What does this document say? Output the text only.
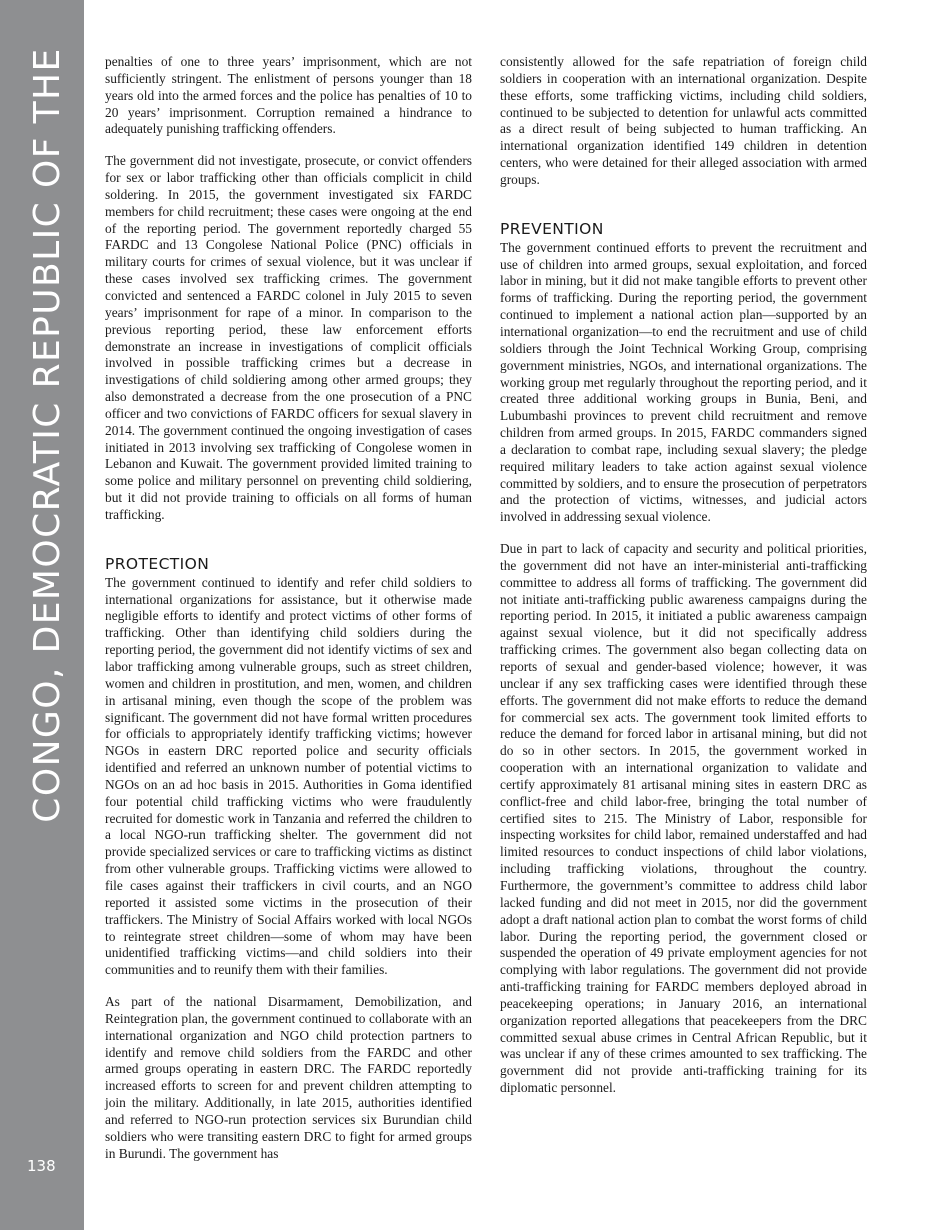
CONGO, DEMOCRATIC REPUBLIC OF THE
138

penalties of one to three years’ imprisonment, which are not sufficiently stringent. The enlistment of persons younger than 18 years old into the armed forces and the police has penalties of 10 to 20 years’ imprisonment. Corruption remained a hindrance to adequately punishing trafficking offenders.

The government did not investigate, prosecute, or convict offenders for sex or labor trafficking other than officials complicit in child soldering. In 2015, the government investigated six FARDC members for child recruitment; these cases were ongoing at the end of the reporting period. The government reportedly charged 55 FARDC and 13 Congolese National Police (PNC) officials in military courts for crimes of sexual violence, but it was unclear if these cases involved sex trafficking crimes. The government convicted and sentenced a FARDC colonel in July 2015 to seven years’ imprisonment for rape of a minor. In comparison to the previous reporting period, these law enforcement efforts demonstrate an increase in investigations of complicit officials involved in possible trafficking crimes but a decrease in investigations of child soldiering among other armed groups; they also demonstrated a decrease from the one prosecution of a PNC officer and two convictions of FARDC officers for sexual slavery in 2014. The government continued the ongoing investigation of cases initiated in 2013 involving sex trafficking of Congolese women in Lebanon and Kuwait. The government provided limited training to some police and military personnel on preventing child soldiering, but it did not provide training to officials on all forms of human trafficking.

PROTECTION

The government continued to identify and refer child soldiers to international organizations for assistance, but it otherwise made negligible efforts to identify and protect victims of other forms of trafficking. Other than identifying child soldiers during the reporting period, the government did not identify victims of sex and labor trafficking among vulnerable groups, such as street children, women and children in prostitution, and men, women, and children in artisanal mining, even though the scope of the problem was significant. The government did not have formal written procedures for officials to appropriately identify trafficking victims; however NGOs in eastern DRC reported police and security officials identified and referred an unknown number of potential victims to NGOs on an ad hoc basis in 2015. Authorities in Goma identified four potential child trafficking victims who were fraudulently recruited for domestic work in Tanzania and referred the children to a local NGO-run trafficking shelter. The government did not provide specialized services or care to trafficking victims as distinct from other vulnerable groups. Trafficking victims were allowed to file cases against their traffickers in civil courts, and an NGO reported it assisted some victims in the prosecution of their traffickers. The Ministry of Social Affairs worked with local NGOs to reintegrate street children—some of whom may have been unidentified trafficking victims—and child soldiers into their communities and to reunify them with their families.

As part of the national Disarmament, Demobilization, and Reintegration plan, the government continued to collaborate with an international organization and NGO child protection partners to identify and remove child soldiers from the FARDC and other armed groups operating in eastern DRC. The FARDC reportedly increased efforts to screen for and prevent children attempting to join the military. Additionally, in late 2015, authorities identified and referred to NGO-run protection services six Burundian child soldiers who were transiting eastern DRC to fight for armed groups in Burundi. The government has

consistently allowed for the safe repatriation of foreign child soldiers in cooperation with an international organization. Despite these efforts, some trafficking victims, including child soldiers, continued to be subjected to detention for unlawful acts committed as a direct result of being subjected to human trafficking. An international organization identified 149 children in detention centers, who were detained for their alleged association with armed groups.

PREVENTION

The government continued efforts to prevent the recruitment and use of children into armed groups, sexual exploitation, and forced labor in mining, but it did not make tangible efforts to prevent other forms of trafficking. During the reporting period, the government continued to implement a national action plan—supported by an international organization—to end the recruitment and use of child soldiers through the Joint Technical Working Group, comprising government ministries, NGOs, and international organizations. The working group met regularly throughout the reporting period, and it created three additional working groups in Bunia, Beni, and Lubumbashi provinces to prevent child recruitment and remove children from armed groups. In 2015, FARDC commanders signed a declaration to combat rape, including sexual slavery; the pledge required military leaders to take action against sexual violence committed by soldiers, and to ensure the prosecution of perpetrators and the protection of victims, witnesses, and judicial actors involved in addressing sexual violence.

Due in part to lack of capacity and security and political priorities, the government did not have an inter-ministerial anti-trafficking committee to address all forms of trafficking. The government did not initiate anti-trafficking public awareness campaigns during the reporting period. In 2015, it initiated a public awareness campaign against sexual violence, but it did not specifically address trafficking crimes. The government also began collecting data on reports of sexual and gender-based violence; however, it was unclear if any sex trafficking cases were identified through these efforts. The government did not make efforts to reduce the demand for commercial sex acts. The government took limited efforts to reduce the demand for forced labor in artisanal mining, but did not do so in other sectors. In 2015, the government worked in cooperation with an international organization to validate and certify approximately 81 artisanal mining sites in eastern DRC as conflict-free and child labor-free, bringing the total number of certified sites to 215. The Ministry of Labor, responsible for inspecting worksites for child labor, remained understaffed and had limited resources to conduct inspections of child labor violations, including trafficking violations, throughout the country. Furthermore, the government’s committee to address child labor lacked funding and did not meet in 2015, nor did the government adopt a draft national action plan to combat the worst forms of child labor. During the reporting period, the government closed or suspended the operation of 49 private employment agencies for not complying with labor regulations. The government did not provide anti-trafficking training for FARDC members deployed abroad in peacekeeping operations; in January 2016, an international organization reported allegations that peacekeepers from the DRC committed sexual abuse crimes in Central African Republic, but it was unclear if any of these crimes amounted to sex trafficking. The government did not provide anti-trafficking training for its diplomatic personnel.
